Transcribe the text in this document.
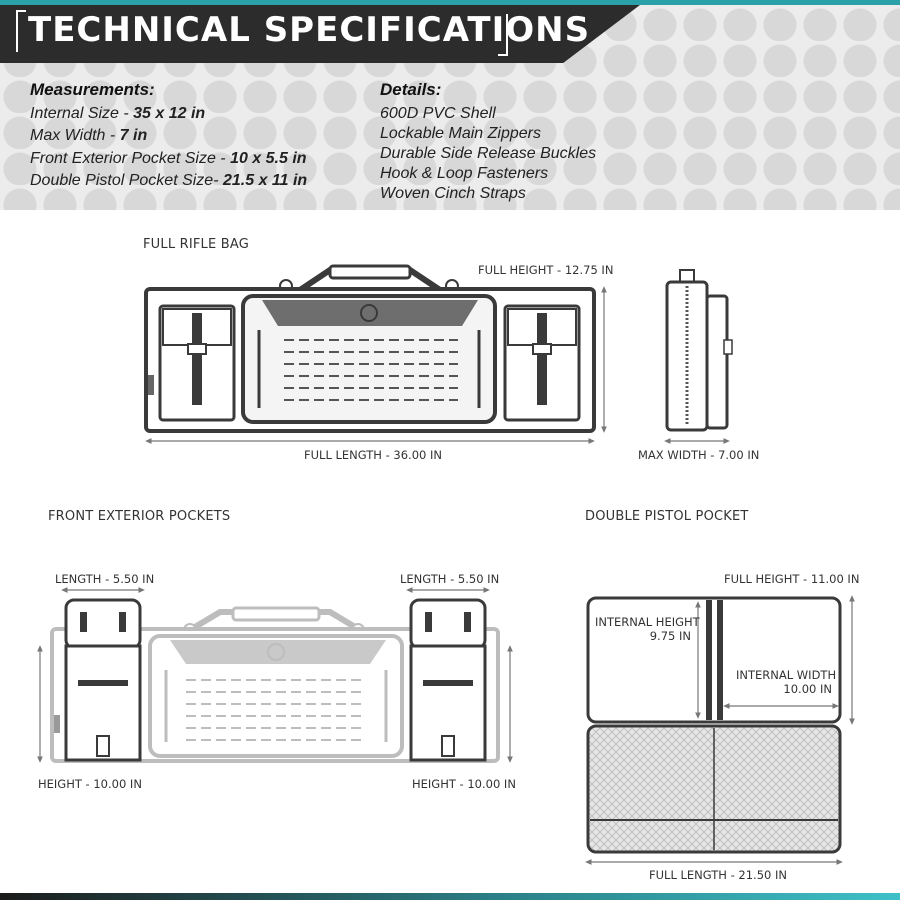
TECHNICAL SPECIFICATIONS
Measurements:
Internal Size - 35 x 12 in
Max Width - 7 in
Front Exterior Pocket Size - 10 x 5.5 in
Double Pistol Pocket Size- 21.5 x 11 in
Details:
600D PVC Shell
Lockable Main Zippers
Durable Side Release Buckles
Hook & Loop Fasteners
Woven Cinch Straps
FULL RIFLE BAG
FULL HEIGHT - 12.75 IN
FULL LENGTH - 36.00 IN	MAX WIDTH - 7.00 IN
FRONT EXTERIOR POCKETS
LENGTH - 5.50 IN	LENGTH - 5.50 IN
HEIGHT - 10.00 IN	HEIGHT - 10.00 IN
DOUBLE PISTOL POCKET
FULL HEIGHT - 11.00 IN
INTERNAL HEIGHT
9.75 IN
INTERNAL WIDTH
10.00 IN
FULL LENGTH - 21.50 IN
